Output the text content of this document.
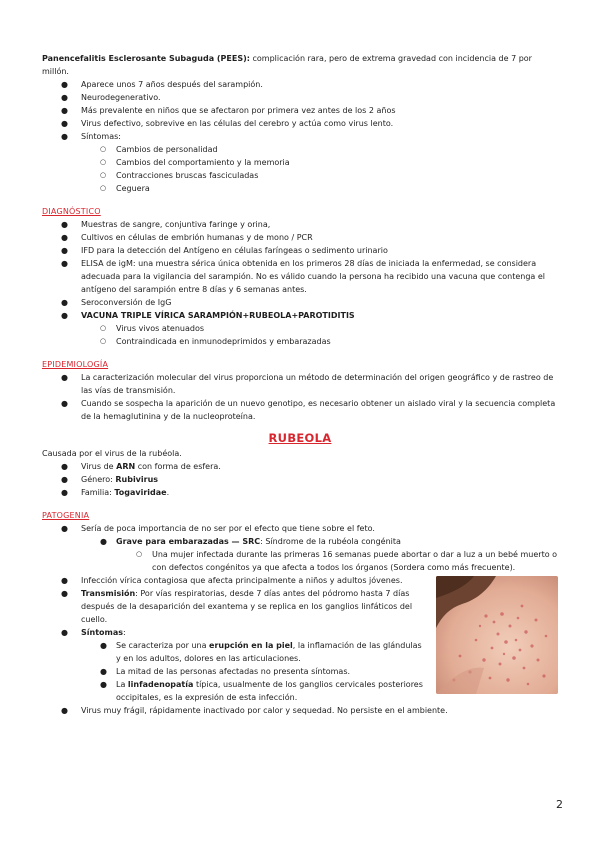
Panencefalitis Esclerosante Subaguda (PEES): complicación rara, pero de extrema gravedad con incidencia de 7 por millón.

● Aparece unos 7 años después del sarampión.
● Neurodegenerativo.
● Más prevalente en niños que se afectaron por primera vez antes de los 2 años
● Virus defectivo, sobrevive en las células del cerebro y actúa como virus lento.
● Síntomas:
○ Cambios de personalidad
○ Cambios del comportamiento y la memoria
○ Contracciones bruscas fasciculadas
○ Ceguera

DIAGNÓSTICO

● Muestras de sangre, conjuntiva faringe y orina,
● Cultivos en células de embrión humanas y de mono / PCR
● IFD para la detección del Antígeno en células faríngeas o sedimento urinario
● ELISA de igM: una muestra sérica única obtenida en los primeros 28 días de iniciada la enfermedad, se considera adecuada para la vigilancia del sarampión. No es válido cuando la persona ha recibido una vacuna que contenga el antígeno del sarampión entre 8 días y 6 semanas antes.
● Seroconversión de IgG
● VACUNA TRIPLE VÍRICA SARAMPIÓN+RUBEOLA+PAROTIDITIS
○ Virus vivos atenuados
○ Contraindicada en inmunodeprimidos y embarazadas

EPIDEMIOLOGÍA

● La caracterización molecular del virus proporciona un método de determinación del origen geográfico y de rastreo de las vías de transmisión.
● Cuando se sospecha la aparición de un nuevo genotipo, es necesario obtener un aislado viral y la secuencia completa de la hemaglutinina y de la nucleoproteína.

RUBEOLA

Causada por el virus de la rubéola.

● Virus de ARN con forma de esfera.
● Género: Rubivirus
● Familia: Togaviridae.

PATOGENIA

● Sería de poca importancia de no ser por el efecto que tiene sobre el feto.
● Grave para embarazadas — SRC: Síndrome de la rubéola congénita
○ Una mujer infectada durante las primeras 16 semanas puede abortar o dar a luz a un bebé muerto o con defectos congénitos ya que afecta a todos los órganos (Sordera como más frecuente).
● Infección vírica contagiosa que afecta principalmente a niños y adultos jóvenes.
● Transmisión: Por vías respiratorias, desde 7 días antes del pódromo hasta 7 días después de la desaparición del exantema y se replica en los ganglios linfáticos del cuello.
● Síntomas:
● Se caracteriza por una erupción en la piel, la inflamación de las glándulas y en los adultos, dolores en las articulaciones.
● La mitad de las personas afectadas no presenta síntomas.
● La linfadenopatía típica, usualmente de los ganglios cervicales posteriores occipitales, es la expresión de esta infección.
● Virus muy frágil, rápidamente inactivado por calor y sequedad. No persiste en el ambiente.
2
